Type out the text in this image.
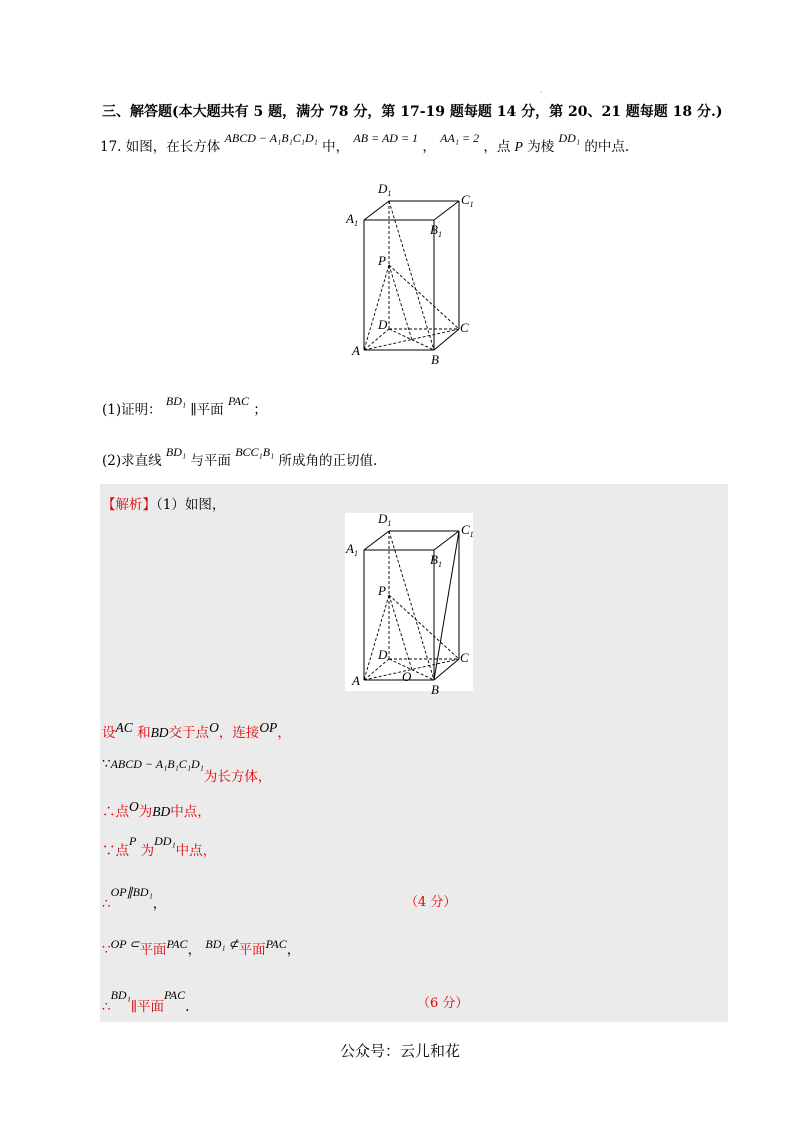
·
三、解答题(本大题共有 5 题，满分 78 分，第 17-19 题每题 14 分，第 20、21 题每题 18 分.)
17. 如图，在长方体 ABCD − A₁B₁C₁D₁ 中， AB = AD = 1 ， AA₁ = 2 ，点 P 为棱 DD₁ 的中点.
$D_1$	$C_1$
$A_1$	$B_1$
P
D	C
A
B
(1)证明： BD₁ ∥平面 PAC ；
(2)求直线 BD₁ 与平面 BCC₁B₁ 所成角的正切值.
【解析】（1）如图，
$D_1$	$C_1$
$A_1$	$B_1$
P
D	C
A
B
O
设AC 和BD交于点O，连接OP，
∵ABCD − A₁B₁C₁D₁为长方体，
∴点O为BD中点，
∵点P 为DD₁中点，
∴OP∥BD₁，	（4 分）
∵OP ⊂平面PAC， BD₁ ⊄平面PAC，
∴BD₁∥平面PAC.	（6 分）
公众号：云儿和花
